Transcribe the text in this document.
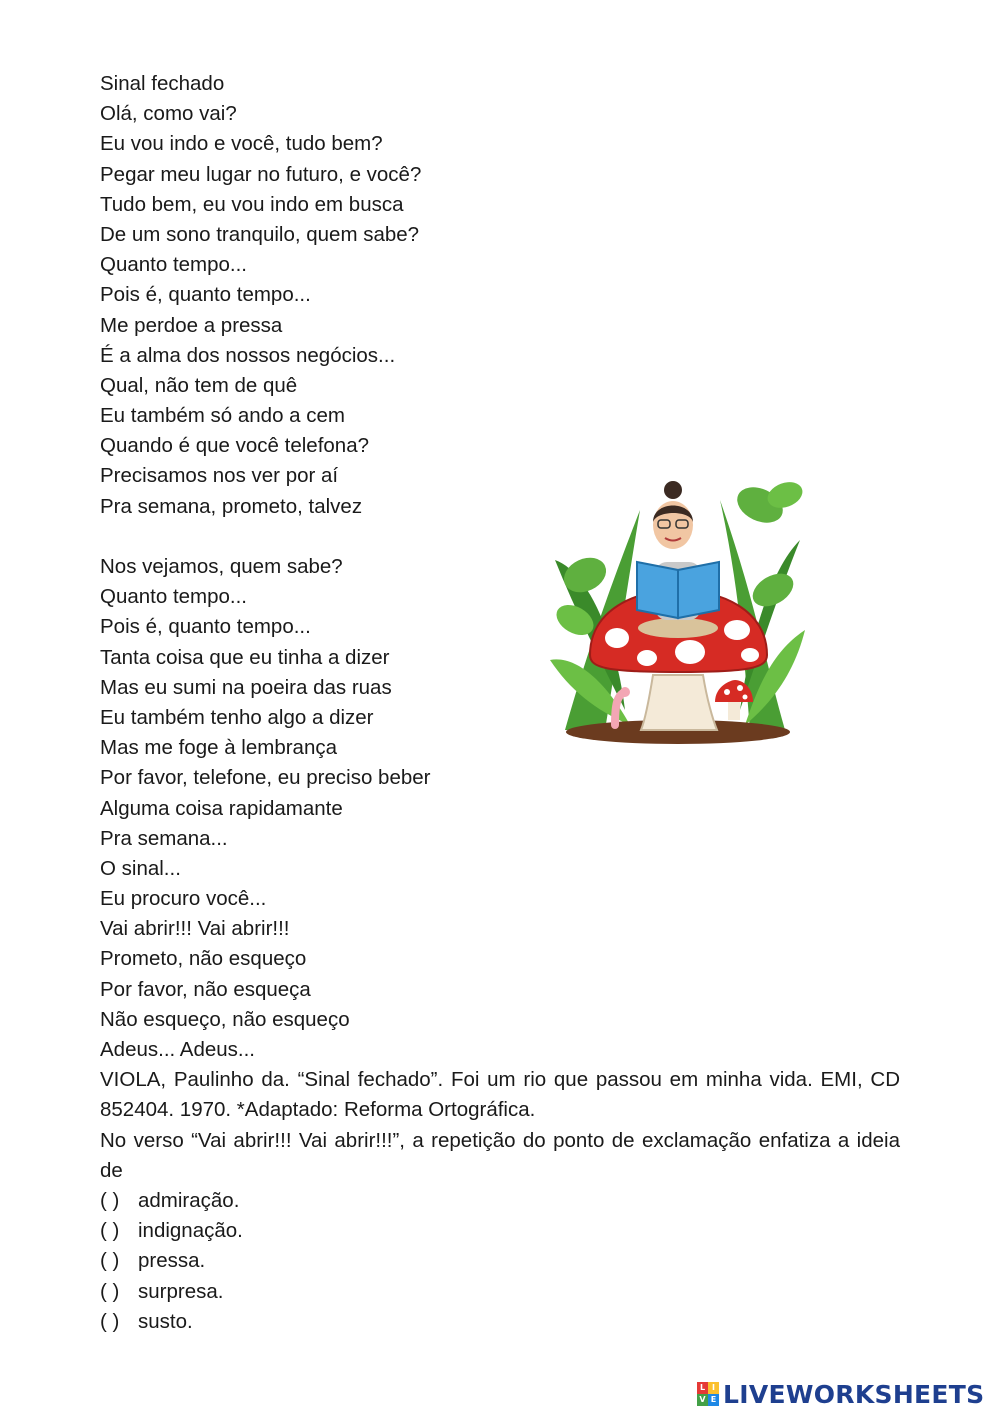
Sinal fechado
Olá, como vai?
Eu vou indo e você, tudo bem?
Pegar meu lugar no futuro, e você?
Tudo bem, eu vou indo em busca
De um sono tranquilo, quem sabe?
Quanto tempo...
Pois é, quanto tempo...
Me perdoe a pressa
É a alma dos nossos negócios...
Qual, não tem de quê
Eu também só ando a cem
Quando é que você telefona?
Precisamos nos ver por aí
Pra semana, prometo, talvez
Nos vejamos, quem sabe?
Quanto tempo...
Pois é, quanto tempo...
Tanta coisa que eu tinha a dizer
Mas eu sumi na poeira das ruas
Eu também tenho algo a dizer
Mas me foge à lembrança
Por favor, telefone, eu preciso beber
Alguma coisa rapidamante
Pra semana...
O sinal...
Eu procuro você...
Vai abrir!!! Vai abrir!!!
Prometo, não esqueço
Por favor, não esqueça
Não esqueço, não esqueço
Adeus... Adeus...
VIOLA, Paulinho da. “Sinal fechado”. Foi um rio que passou em minha vida. EMI, CD 852404. 1970. *Adaptado: Reforma Ortográfica.
No verso “Vai abrir!!! Vai abrir!!!”, a repetição do ponto de exclamação enfatiza a ideia de
( ) admiração.
( ) indignação.
( ) pressa.
( ) surpresa.
( ) susto.
L I
V E LIVEWORKSHEETS
